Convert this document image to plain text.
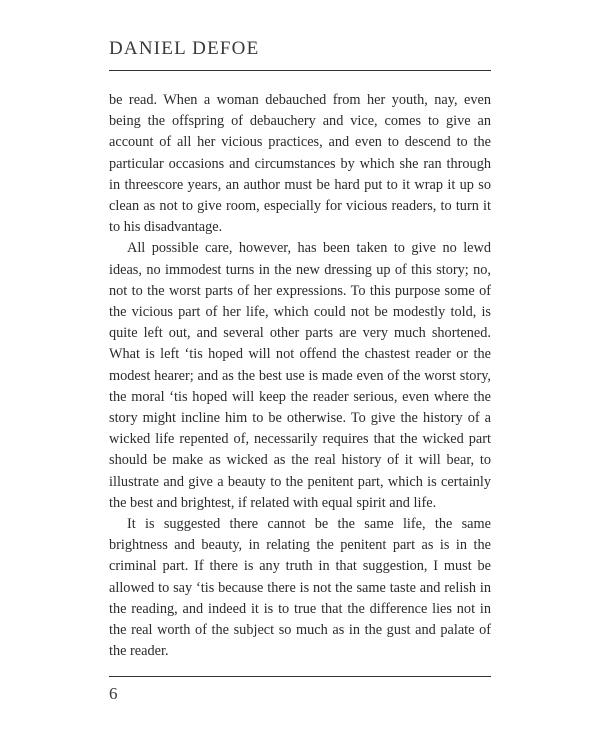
DANIEL DEFOE

be read. When a woman debauched from her youth, nay, even being the offspring of debauchery and vice, comes to give an account of all her vicious practices, and even to descend to the particular occasions and circumstances by which she ran through in threescore years, an author must be hard put to it wrap it up so clean as not to give room, especially for vicious readers, to turn it to his disadvantage.

All possible care, however, has been taken to give no lewd ideas, no immodest turns in the new dressing up of this story; no, not to the worst parts of her expressions. To this purpose some of the vicious part of her life, which could not be modestly told, is quite left out, and several other parts are very much shortened. What is left ‘tis hoped will not offend the chastest reader or the modest hearer; and as the best use is made even of the worst story, the moral ‘tis hoped will keep the reader serious, even where the story might incline him to be otherwise. To give the history of a wicked life repented of, necessarily requires that the wicked part should be make as wicked as the real history of it will bear, to illustrate and give a beauty to the penitent part, which is certainly the best and brightest, if related with equal spirit and life.

It is suggested there cannot be the same life, the same brightness and beauty, in relating the penitent part as is in the criminal part. If there is any truth in that suggestion, I must be allowed to say ‘tis because there is not the same taste and relish in the reading, and indeed it is to true that the difference lies not in the real worth of the subject so much as in the gust and palate of the reader.

6
